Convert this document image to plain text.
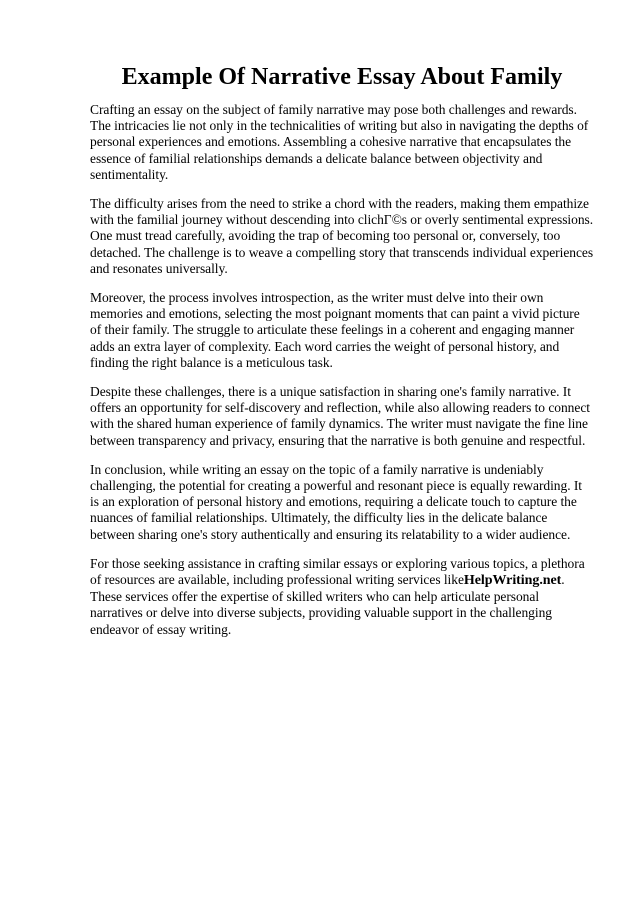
Example Of Narrative Essay About Family

Crafting an essay on the subject of family narrative may pose both challenges and rewards. The intricacies lie not only in the technicalities of writing but also in navigating the depths of personal experiences and emotions. Assembling a cohesive narrative that encapsulates the essence of familial relationships demands a delicate balance between objectivity and sentimentality.

The difficulty arises from the need to strike a chord with the readers, making them empathize with the familial journey without descending into clichГ©s or overly sentimental expressions. One must tread carefully, avoiding the trap of becoming too personal or, conversely, too detached. The challenge is to weave a compelling story that transcends individual experiences and resonates universally.

Moreover, the process involves introspection, as the writer must delve into their own memories and emotions, selecting the most poignant moments that can paint a vivid picture of their family. The struggle to articulate these feelings in a coherent and engaging manner adds an extra layer of complexity. Each word carries the weight of personal history, and finding the right balance is a meticulous task.

Despite these challenges, there is a unique satisfaction in sharing one's family narrative. It offers an opportunity for self-discovery and reflection, while also allowing readers to connect with the shared human experience of family dynamics. The writer must navigate the fine line between transparency and privacy, ensuring that the narrative is both genuine and respectful.

In conclusion, while writing an essay on the topic of a family narrative is undeniably challenging, the potential for creating a powerful and resonant piece is equally rewarding. It is an exploration of personal history and emotions, requiring a delicate touch to capture the nuances of familial relationships. Ultimately, the difficulty lies in the delicate balance between sharing one's story authentically and ensuring its relatability to a wider audience.

For those seeking assistance in crafting similar essays or exploring various topics, a plethora of resources are available, including professional writing services likeHelpWriting.net. These services offer the expertise of skilled writers who can help articulate personal narratives or delve into diverse subjects, providing valuable support in the challenging endeavor of essay writing.
